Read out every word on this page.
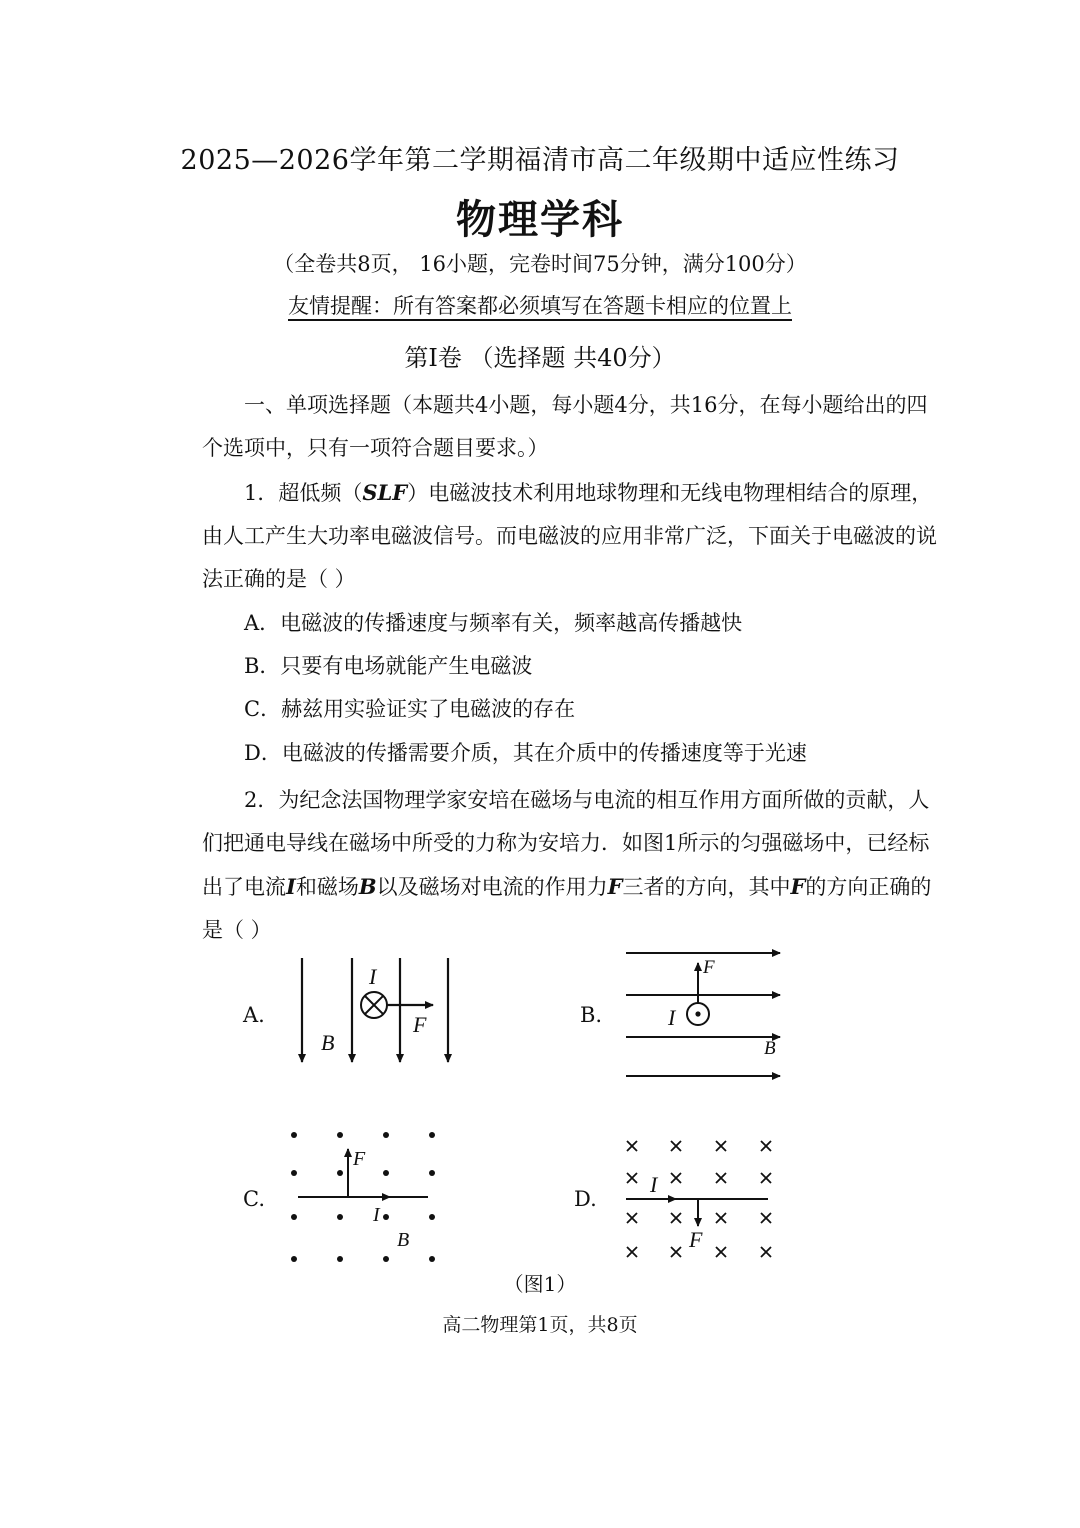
2025—2026学年第二学期福清市高二年级期中适应性练习
物理学科
（全卷共8页， 16小题，完卷时间75分钟，满分100分）
友情提醒：所有答案都必须填写在答题卡相应的位置上
第Ⅰ卷 （选择题 共40分）
一、单项选择题（本题共4小题，每小题4分，共16分，在每小题给出的四个选项中，只有一项符合题目要求。）
1．超低频（SLF）电磁波技术利用地球物理和无线电物理相结合的原理，由人工产生大功率电磁波信号。而电磁波的应用非常广泛，下面关于电磁波的说法正确的是（ ）
A．电磁波的传播速度与频率有关，频率越高传播越快
B．只要有电场就能产生电磁波
C．赫兹用实验证实了电磁波的存在
D．电磁波的传播需要介质，其在介质中的传播速度等于光速
2．为纪念法国物理学家安培在磁场与电流的相互作用方面所做的贡献，人们把通电导线在磁场中所受的力称为安培力．如图1所示的匀强磁场中，已经标出了电流I和磁场B以及磁场对电流的作用力F三者的方向，其中F的方向正确的是（ ）
A.	B.
C.	D.
I
F
B
F
I
B
F
I
B
I
F
（图1）
高二物理第1页，共8页
